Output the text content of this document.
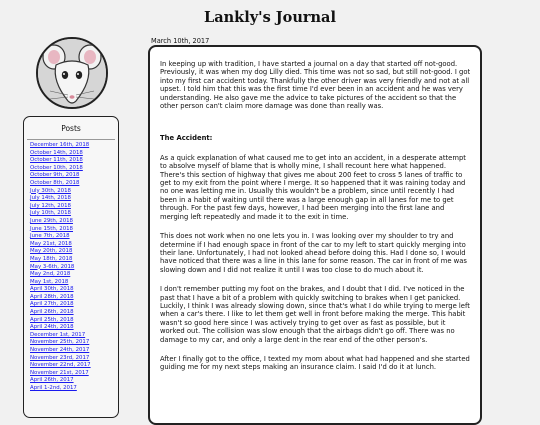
Lankly's Journal
Posts
December 16th, 2018
October 14th, 2018
October 11th, 2018
October 10th, 2018
October 9th, 2018
October 8th, 2018
July 30th, 2018
July 14th, 2018
July 12th, 2018
July 10th, 2018
June 29th, 2018
June 15th, 2018
June 7th, 2018
May 21st, 2018
May 20th, 2018
May 18th, 2018
May 3-6th, 2018
May 2nd, 2018
May 1st, 2018
April 30th, 2018
April 28th, 2018
April 27th, 2018
April 26th, 2018
April 25th, 2018
April 24th, 2018
December 1st, 2017
November 25th, 2017
November 24th, 2017
November 23rd, 2017
November 22nd, 2017
November 21st, 2017
April 26th, 2017
April 1-2nd, 2017
March 10th, 2017

In keeping up with tradition, I have started a journal on a day that started off not-good. Previously, it was when my dog Lilly died. This time was not so sad, but still not-good. I got into my first car accident today. Thankfully the other driver was very friendly and not at all upset. I told him that this was the first time I'd ever been in an accident and he was very understanding. He also gave me the advice to take pictures of the accident so that the other person can't claim more damage was done than really was.

The Accident:

As a quick explanation of what caused me to get into an accident, in a desperate attempt to absolve myself of blame that is wholly mine, I shall recount here what happened. There's this section of highway that gives me about 200 feet to cross 5 lanes of traffic to get to my exit from the point where I merge. It so happened that it was raining today and no one was letting me in. Usually this wouldn't be a problem, since until recently I had been in a habit of waiting until there was a large enough gap in all lanes for me to get through. For the past few days, however, I had been merging into the first lane and merging left repeatedly and made it to the exit in time.

This does not work when no one lets you in. I was looking over my shoulder to try and determine if I had enough space in front of the car to my left to start quickly merging into their lane. Unfortunately, I had not looked ahead before doing this. Had I done so, I would have noticed that there was a line in this lane for some reason. The car in front of me was slowing down and I did not realize it until I was too close to do much about it.

I don't remember putting my foot on the brakes, and I doubt that I did. I've noticed in the past that I have a bit of a problem with quickly switching to brakes when I get panicked. Luckily, I think I was already slowing down, since that's what I do while trying to merge left when a car's there. I like to let them get well in front before making the merge. This habit wasn't so good here since I was actively trying to get over as fast as possible, but it worked out. The collision was slow enough that the airbags didn't go off. There was no damage to my car, and only a large dent in the rear end of the other person's.

After I finally got to the office, I texted my mom about what had happened and she started guiding me for my next steps making an insurance claim. I said I'd do it at lunch.
